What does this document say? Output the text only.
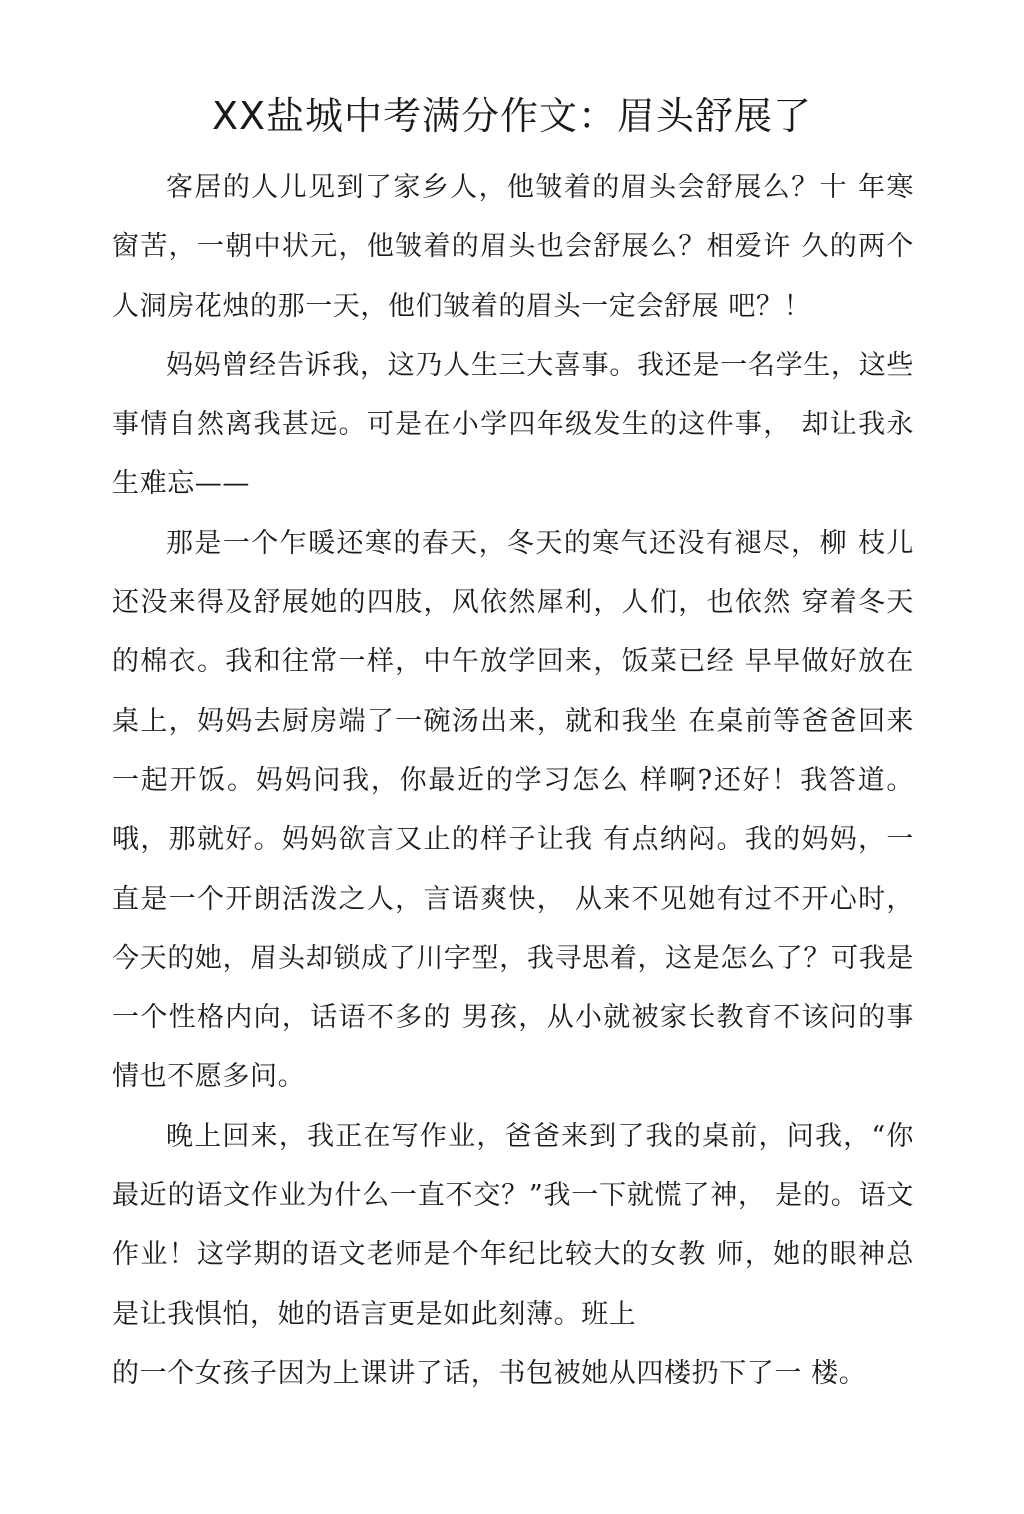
XX盐城中考满分作文：眉头舒展了

客居的人儿见到了家乡人，他皱着的眉头会舒展么？十 年寒窗苦，一朝中状元，他皱着的眉头也会舒展么？相爱许 久的两个人洞房花烛的那一天，他们皱着的眉头一定会舒展 吧？！

妈妈曾经告诉我，这乃人生三大喜事。我还是一名学生，这些事情自然离我甚远。可是在小学四年级发生的这件事， 却让我永生难忘——

那是一个乍暖还寒的春天，冬天的寒气还没有褪尽，柳 枝儿还没来得及舒展她的四肢，风依然犀利，人们，也依然 穿着冬天的棉衣。我和往常一样，中午放学回来，饭菜已经 早早做好放在桌上，妈妈去厨房端了一碗汤出来，就和我坐 在桌前等爸爸回来一起开饭。妈妈问我，你最近的学习怎么 样啊?还好！我答道。哦，那就好。妈妈欲言又止的样子让我 有点纳闷。我的妈妈，一直是一个开朗活泼之人，言语爽快， 从来不见她有过不开心时，今天的她，眉头却锁成了川字型，我寻思着，这是怎么了？可我是一个性格内向，话语不多的 男孩，从小就被家长教育不该问的事情也不愿多问。

晚上回来，我正在写作业，爸爸来到了我的桌前，问我，“你最近的语文作业为什么一直不交？”我一下就慌了神， 是的。语文作业！这学期的语文老师是个年纪比较大的女教 师，她的眼神总是让我惧怕，她的语言更是如此刻薄。班上

的一个女孩子因为上课讲了话，书包被她从四楼扔下了一 楼。
